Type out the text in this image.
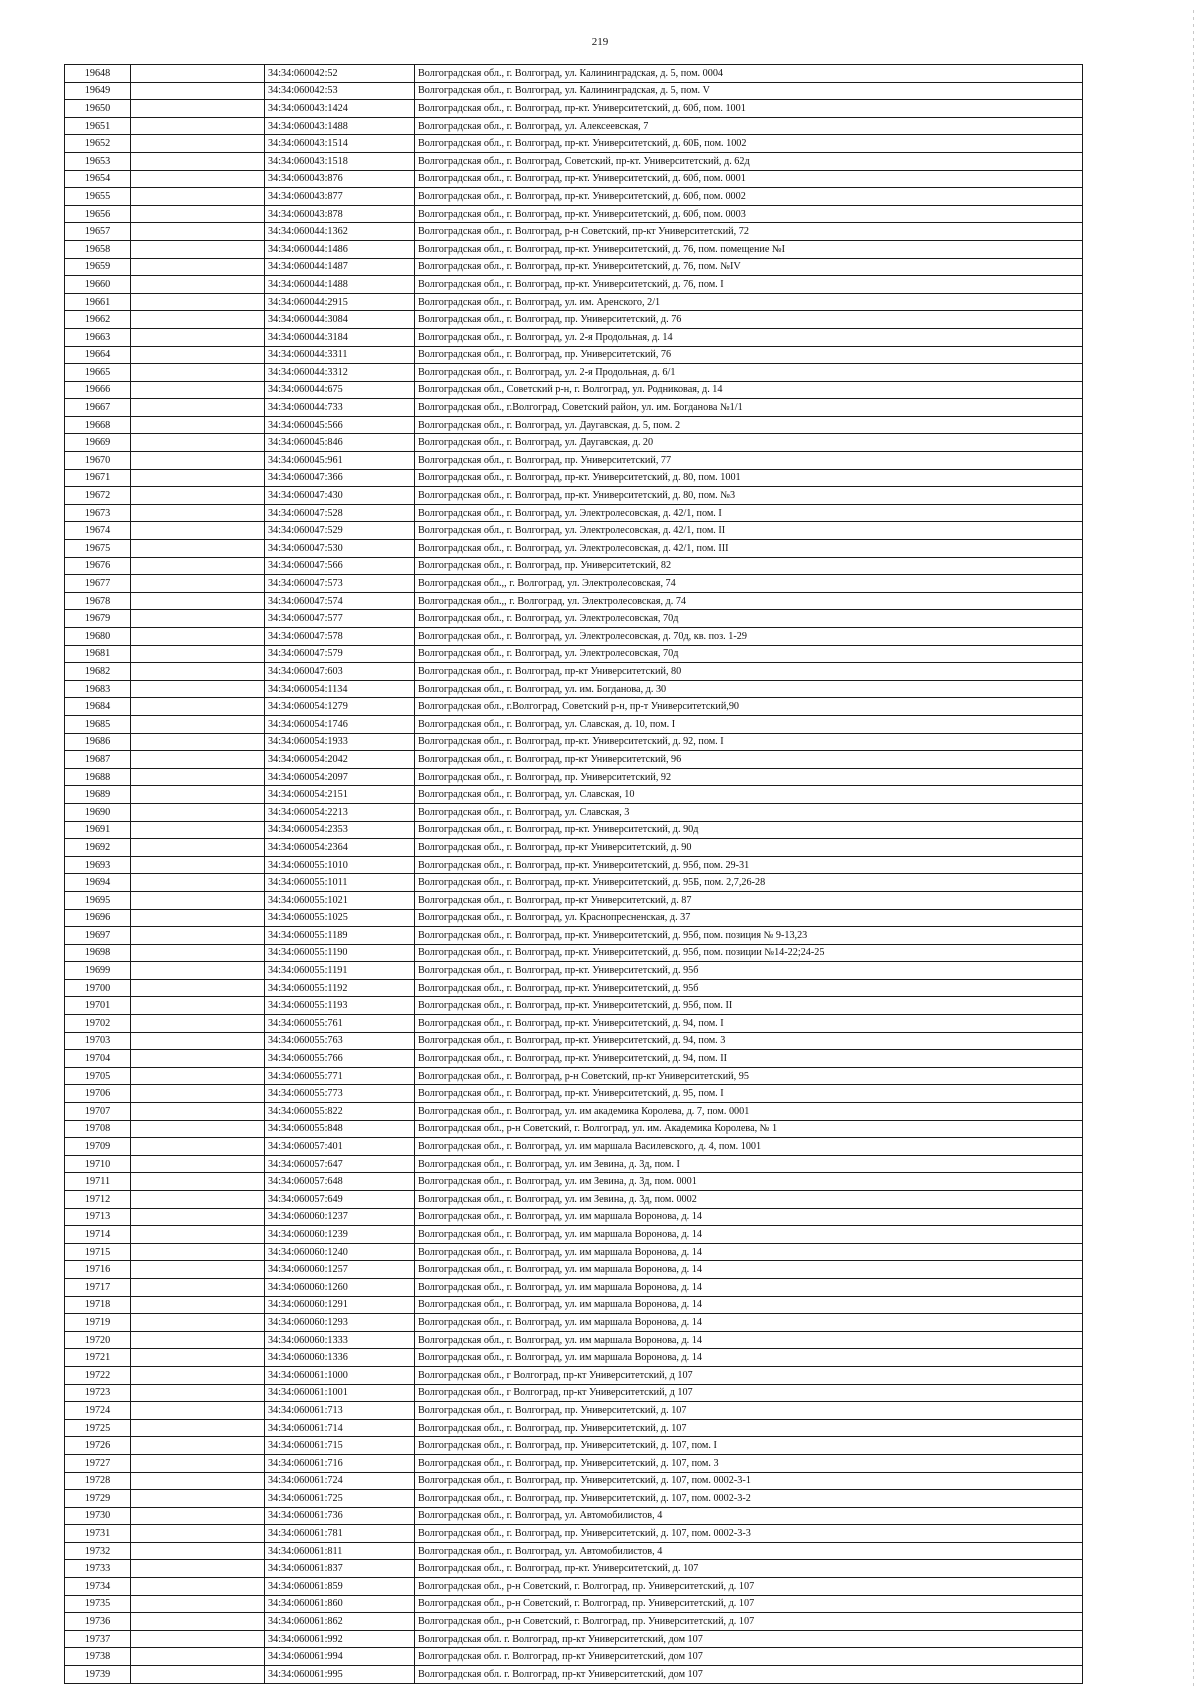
219
19648		34:34:060042:52	Волгоградская обл., г. Волгоград, ул. Калининградская, д. 5, пом. 0004
19649		34:34:060042:53	Волгоградская обл., г. Волгоград, ул. Калининградская, д. 5, пом. V
19650		34:34:060043:1424	Волгоградская обл., г. Волгоград, пр-кт. Университетский, д. 60б, пом. 1001
19651		34:34:060043:1488	Волгоградская обл., г. Волгоград, ул. Алексеевская, 7
19652		34:34:060043:1514	Волгоградская обл., г. Волгоград, пр-кт. Университетский, д. 60Б, пом. 1002
19653		34:34:060043:1518	Волгоградская обл., г. Волгоград, Советский, пр-кт. Университетский, д. 62д
19654		34:34:060043:876	Волгоградская обл., г. Волгоград, пр-кт. Университетский, д. 60б, пом. 0001
19655		34:34:060043:877	Волгоградская обл., г. Волгоград, пр-кт. Университетский, д. 60б, пом. 0002
19656		34:34:060043:878	Волгоградская обл., г. Волгоград, пр-кт. Университетский, д. 60б, пом. 0003
19657		34:34:060044:1362	Волгоградская обл., г. Волгоград, р-н Советский, пр-кт Университетский, 72
19658		34:34:060044:1486	Волгоградская обл., г. Волгоград, пр-кт. Университетский, д. 76, пом. помещение №I
19659		34:34:060044:1487	Волгоградская обл., г. Волгоград, пр-кт. Университетский, д. 76, пом. №IV
19660		34:34:060044:1488	Волгоградская обл., г. Волгоград, пр-кт. Университетский, д. 76, пом. I
19661		34:34:060044:2915	Волгоградская обл., г. Волгоград, ул. им. Аренского, 2/1
19662		34:34:060044:3084	Волгоградская обл., г. Волгоград, пр. Университетский, д. 76
19663		34:34:060044:3184	Волгоградская обл., г. Волгоград, ул. 2-я Продольная, д. 14
19664		34:34:060044:3311	Волгоградская обл., г. Волгоград, пр. Университетский, 76
19665		34:34:060044:3312	Волгоградская обл., г. Волгоград, ул. 2-я Продольная, д. 6/1
19666		34:34:060044:675	Волгоградская обл., Советский р-н, г. Волгоград, ул. Родниковая, д. 14
19667		34:34:060044:733	Волгоградская обл., г.Волгоград, Советский район, ул. им. Богданова №1/1
19668		34:34:060045:566	Волгоградская обл., г. Волгоград, ул. Даугавская, д. 5, пом. 2
19669		34:34:060045:846	Волгоградская обл., г. Волгоград, ул. Даугавская, д. 20
19670		34:34:060045:961	Волгоградская обл., г. Волгоград, пр. Университетский, 77
19671		34:34:060047:366	Волгоградская обл., г. Волгоград, пр-кт. Университетский, д. 80, пом. 1001
19672		34:34:060047:430	Волгоградская обл., г. Волгоград, пр-кт. Университетский, д. 80, пом. №3
19673		34:34:060047:528	Волгоградская обл., г. Волгоград, ул. Электролесовская, д. 42/1, пом. I
19674		34:34:060047:529	Волгоградская обл., г. Волгоград, ул. Электролесовская, д. 42/1, пом. II
19675		34:34:060047:530	Волгоградская обл., г. Волгоград, ул. Электролесовская, д. 42/1, пом. III
19676		34:34:060047:566	Волгоградская обл., г. Волгоград, пр. Университетский, 82
19677		34:34:060047:573	Волгоградская обл.,, г. Волгоград, ул. Электролесовская, 74
19678		34:34:060047:574	Волгоградская обл.,, г. Волгоград, ул. Электролесовская, д. 74
19679		34:34:060047:577	Волгоградская обл., г. Волгоград, ул. Электролесовская, 70д
19680		34:34:060047:578	Волгоградская обл., г. Волгоград, ул. Электролесовская, д. 70д, кв. поз. 1-29
19681		34:34:060047:579	Волгоградская обл., г. Волгоград, ул. Электролесовская, 70д
19682		34:34:060047:603	Волгоградская обл., г. Волгоград, пр-кт Университетский, 80
19683		34:34:060054:1134	Волгоградская обл., г. Волгоград, ул. им. Богданова, д. 30
19684		34:34:060054:1279	Волгоградская обл., г.Волгоград, Советский р-н, пр-т Университетский,90
19685		34:34:060054:1746	Волгоградская обл., г. Волгоград, ул. Славская, д. 10, пом. I
19686		34:34:060054:1933	Волгоградская обл., г. Волгоград, пр-кт. Университетский, д. 92, пом. I
19687		34:34:060054:2042	Волгоградская обл., г. Волгоград, пр-кт Университетский, 96
19688		34:34:060054:2097	Волгоградская обл., г. Волгоград, пр. Университетский, 92
19689		34:34:060054:2151	Волгоградская обл., г. Волгоград, ул. Славская, 10
19690		34:34:060054:2213	Волгоградская обл., г. Волгоград, ул. Славская, 3
19691		34:34:060054:2353	Волгоградская обл., г. Волгоград, пр-кт. Университетский, д. 90д
19692		34:34:060054:2364	Волгоградская обл., г. Волгоград, пр-кт Университетский, д. 90
19693		34:34:060055:1010	Волгоградская обл., г. Волгоград, пр-кт. Университетский, д. 95б, пом. 29-31
19694		34:34:060055:1011	Волгоградская обл., г. Волгоград, пр-кт. Университетский, д. 95Б, пом. 2,7,26-28
19695		34:34:060055:1021	Волгоградская обл., г. Волгоград, пр-кт Университетский, д. 87
19696		34:34:060055:1025	Волгоградская обл., г. Волгоград, ул. Краснопресненская, д. 37
19697		34:34:060055:1189	Волгоградская обл., г. Волгоград, пр-кт. Университетский, д. 95б, пом. позиция № 9-13,23
19698		34:34:060055:1190	Волгоградская обл., г. Волгоград, пр-кт. Университетский, д. 95б, пом. позиции №14-22;24-25
19699		34:34:060055:1191	Волгоградская обл., г. Волгоград, пр-кт. Университетский, д. 95б
19700		34:34:060055:1192	Волгоградская обл., г. Волгоград, пр-кт. Университетский, д. 95б
19701		34:34:060055:1193	Волгоградская обл., г. Волгоград, пр-кт. Университетский, д. 95б, пом. II
19702		34:34:060055:761	Волгоградская обл., г. Волгоград, пр-кт. Университетский, д. 94, пом. I
19703		34:34:060055:763	Волгоградская обл., г. Волгоград, пр-кт. Университетский, д. 94, пом. 3
19704		34:34:060055:766	Волгоградская обл., г. Волгоград, пр-кт. Университетский, д. 94, пом. II
19705		34:34:060055:771	Волгоградская обл., г. Волгоград, р-н Советский, пр-кт Университетский, 95
19706		34:34:060055:773	Волгоградская обл., г. Волгоград, пр-кт. Университетский, д. 95, пом. I
19707		34:34:060055:822	Волгоградская обл., г. Волгоград, ул. им академика Королева, д. 7, пом. 0001
19708		34:34:060055:848	Волгоградская обл., р-н Советский, г. Волгоград, ул. им. Академика Королева, № 1
19709		34:34:060057:401	Волгоградская обл., г. Волгоград, ул. им маршала Василевского, д. 4, пом. 1001
19710		34:34:060057:647	Волгоградская обл., г. Волгоград, ул. им Зевина, д. 3д, пом. I
19711		34:34:060057:648	Волгоградская обл., г. Волгоград, ул. им Зевина, д. 3д, пом. 0001
19712		34:34:060057:649	Волгоградская обл., г. Волгоград, ул. им Зевина, д. 3д, пом. 0002
19713		34:34:060060:1237	Волгоградская обл., г. Волгоград, ул. им маршала Воронова, д. 14
19714		34:34:060060:1239	Волгоградская обл., г. Волгоград, ул. им маршала Воронова, д. 14
19715		34:34:060060:1240	Волгоградская обл., г. Волгоград, ул. им маршала Воронова, д. 14
19716		34:34:060060:1257	Волгоградская обл., г. Волгоград, ул. им маршала Воронова, д. 14
19717		34:34:060060:1260	Волгоградская обл., г. Волгоград, ул. им маршала Воронова, д. 14
19718		34:34:060060:1291	Волгоградская обл., г. Волгоград, ул. им маршала Воронова, д. 14
19719		34:34:060060:1293	Волгоградская обл., г. Волгоград, ул. им маршала Воронова, д. 14
19720		34:34:060060:1333	Волгоградская обл., г. Волгоград, ул. им маршала Воронова, д. 14
19721		34:34:060060:1336	Волгоградская обл., г. Волгоград, ул. им маршала Воронова, д. 14
19722		34:34:060061:1000	Волгоградская обл., г Волгоград, пр-кт Университетский, д 107
19723		34:34:060061:1001	Волгоградская обл., г Волгоград, пр-кт Университетский, д 107
19724		34:34:060061:713	Волгоградская обл., г. Волгоград, пр. Университетский, д. 107
19725		34:34:060061:714	Волгоградская обл., г. Волгоград, пр. Университетский, д. 107
19726		34:34:060061:715	Волгоградская обл., г. Волгоград, пр. Университетский, д. 107, пом. I
19727		34:34:060061:716	Волгоградская обл., г. Волгоград, пр. Университетский, д. 107, пом. 3
19728		34:34:060061:724	Волгоградская обл., г. Волгоград, пр. Университетский, д. 107, пом. 0002-3-1
19729		34:34:060061:725	Волгоградская обл., г. Волгоград, пр. Университетский, д. 107, пом. 0002-3-2
19730		34:34:060061:736	Волгоградская обл., г. Волгоград, ул. Автомобилистов, 4
19731		34:34:060061:781	Волгоградская обл., г. Волгоград, пр. Университетский, д. 107, пом. 0002-3-3
19732		34:34:060061:811	Волгоградская обл., г. Волгоград, ул. Автомобилистов, 4
19733		34:34:060061:837	Волгоградская обл., г. Волгоград, пр-кт. Университетский, д. 107
19734		34:34:060061:859	Волгоградская обл., р-н Советский, г. Волгоград, пр. Университетский, д. 107
19735		34:34:060061:860	Волгоградская обл., р-н Советский, г. Волгоград, пр. Университетский, д. 107
19736		34:34:060061:862	Волгоградская обл., р-н Советский, г. Волгоград, пр. Университетский, д. 107
19737		34:34:060061:992	Волгоградская обл. г. Волгоград, пр-кт Университетский, дом 107
19738		34:34:060061:994	Волгоградская обл. г. Волгоград, пр-кт Университетский, дом 107
19739		34:34:060061:995	Волгоградская обл. г. Волгоград, пр-кт Университетский, дом 107
